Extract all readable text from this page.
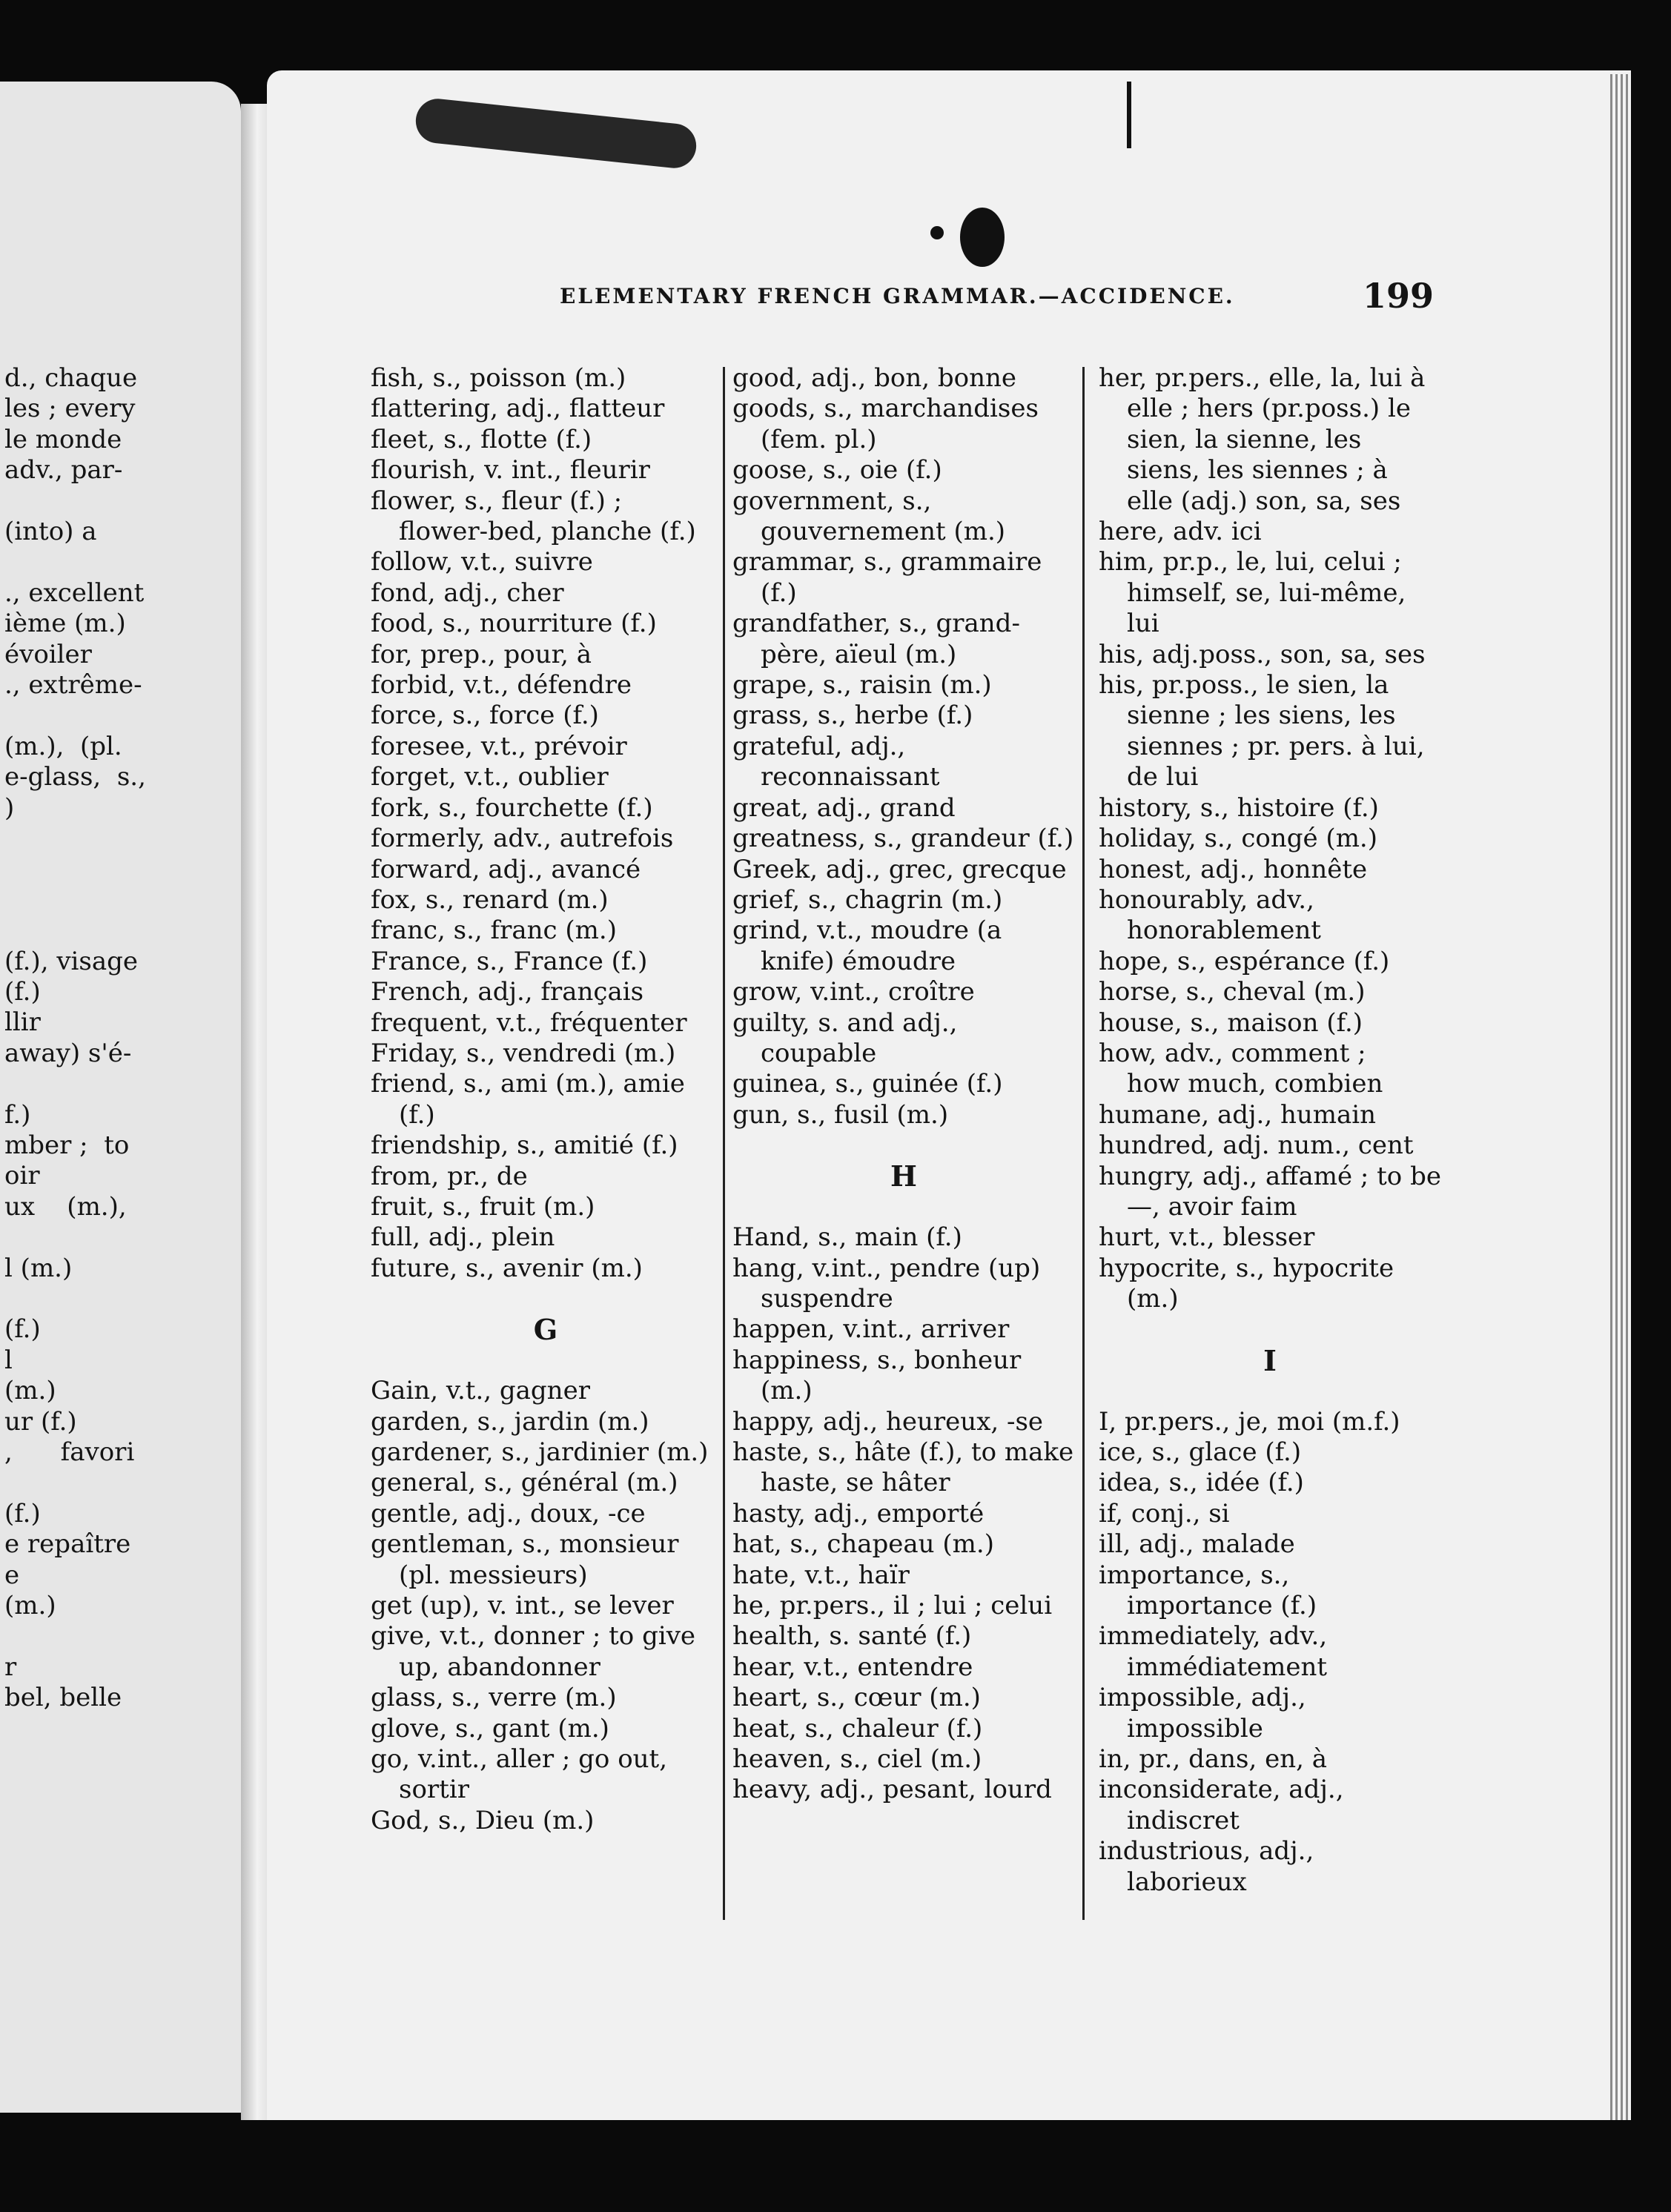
d., chaque
les ; every
le monde
adv., par-
(into) a
., excellent
ième (m.)
évoiler
., extrême-
(m.),  (pl.
e-glass,  s.,
)
(f.), visage
(f.)
llir
away) s'é-
f.)
mber ;  to
oir
ux    (m.),
l (m.)
(f.)
l
(m.)
ur (f.)
,      favori
(f.)
e repaître
e
(m.)
r
bel, belle
ELEMENTARY FRENCH GRAMMAR.—ACCIDENCE.	199
fish, s., poisson (m.)
flattering, adj., flatteur
fleet, s., flotte (f.)
flourish, v. int., fleurir
flower, s., fleur (f.) ;
flower-bed, planche (f.)
follow, v.t., suivre
fond, adj., cher
food, s., nourriture (f.)
for, prep., pour, à
forbid, v.t., défendre
force, s., force (f.)
foresee, v.t., prévoir
forget, v.t., oublier
fork, s., fourchette (f.)
formerly, adv., autrefois
forward, adj., avancé
fox, s., renard (m.)
franc, s., franc (m.)
France, s., France (f.)
French, adj., français
frequent, v.t., fréquenter
Friday, s., vendredi (m.)
friend, s., ami (m.), amie (f.)
friendship, s., amitié (f.)
from, pr., de
fruit, s., fruit (m.)
full, adj., plein
future, s., avenir (m.)
G
Gain, v.t., gagner
garden, s., jardin (m.)
gardener, s., jardinier (m.)
general, s., général (m.)
gentle, adj., doux, -ce
gentleman, s., monsieur (pl. messieurs)
get (up), v. int., se lever
give, v.t., donner ; to give up, abandonner
glass, s., verre (m.)
glove, s., gant (m.)
go, v.int., aller ; go out, sortir
God, s., Dieu (m.)
good, adj., bon, bonne
goods, s., marchandises (fem. pl.)
goose, s., oie (f.)
government, s., gouvernement (m.)
grammar, s., grammaire (f.)
grandfather, s., grand-père, aïeul (m.)
grape, s., raisin (m.)
grass, s., herbe (f.)
grateful, adj., reconnaissant
great, adj., grand
greatness, s., grandeur (f.)
Greek, adj., grec, grecque
grief, s., chagrin (m.)
grind, v.t., moudre (a knife) émoudre
grow, v.int., croître
guilty, s. and adj., coupable
guinea, s., guinée (f.)
gun, s., fusil (m.)
H
Hand, s., main (f.)
hang, v.int., pendre (up) suspendre
happen, v.int., arriver
happiness, s., bonheur (m.)
happy, adj., heureux, -se
haste, s., hâte (f.), to make haste, se hâter
hasty, adj., emporté
hat, s., chapeau (m.)
hate, v.t., haïr
he, pr.pers., il ; lui ; celui
health, s. santé (f.)
hear, v.t., entendre
heart, s., cœur (m.)
heat, s., chaleur (f.)
heaven, s., ciel (m.)
heavy, adj., pesant, lourd
her, pr.pers., elle, la, lui à elle ; hers (pr.poss.) le sien, la sienne, les siens, les siennes ; à elle (adj.) son, sa, ses
here, adv. ici
him, pr.p., le, lui, celui ; himself, se, lui-même, lui
his, adj.poss., son, sa, ses
his, pr.poss., le sien, la sienne ; les siens, les siennes ; pr. pers. à lui, de lui
history, s., histoire (f.)
holiday, s., congé (m.)
honest, adj., honnête
honourably, adv., honorablement
hope, s., espérance (f.)
horse, s., cheval (m.)
house, s., maison (f.)
how, adv., comment ;
how much, combien
humane, adj., humain
hundred, adj. num., cent
hungry, adj., affamé ; to be—, avoir faim
hurt, v.t., blesser
hypocrite, s., hypocrite (m.)
I
I, pr.pers., je, moi (m.f.)
ice, s., glace (f.)
idea, s., idée (f.)
if, conj., si
ill, adj., malade
importance, s., importance (f.)
immediately, adv., immédiatement
impossible, adj., impossible
in, pr., dans, en, à
inconsiderate, adj., indiscret
industrious, adj., laborieux
